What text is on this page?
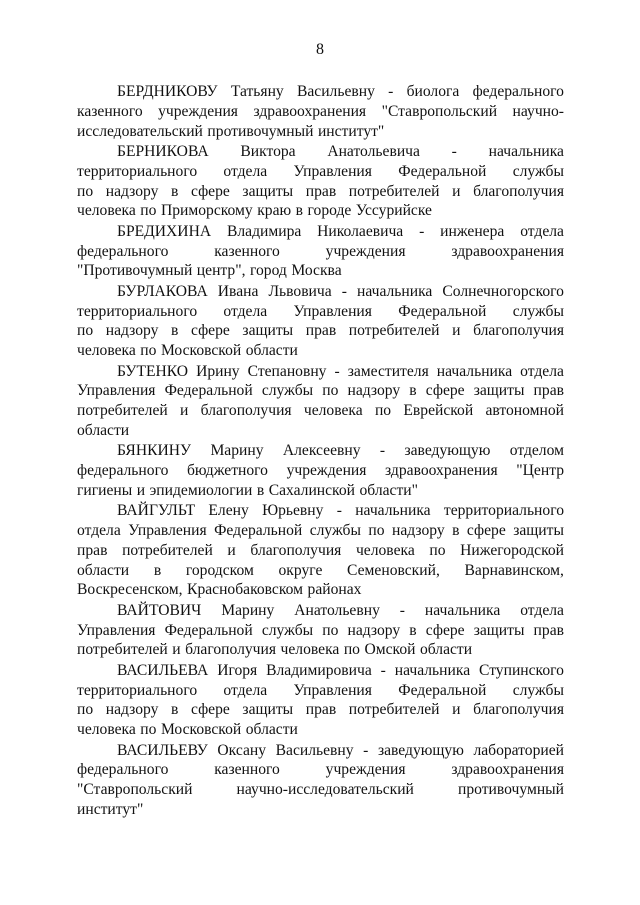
8
БЕРДНИКОВУ Татьяну Васильевну - биолога федерального
казенного учреждения здравоохранения "Ставропольский научно-
исследовательский противочумный институт"
БЕРНИКОВА Виктора Анатольевича - начальника
территориального отдела Управления Федеральной службы
по надзору в сфере защиты прав потребителей и благополучия
человека по Приморскому краю в городе Уссурийске
БРЕДИХИНА Владимира Николаевича - инженера отдела
федерального	казенного	учреждения	здравоохранения
"Противочумный центр", город Москва
БУРЛАКОВА Ивана Львовича - начальника Солнечногорского
территориального отдела Управления Федеральной службы
по надзору в сфере защиты прав потребителей и благополучия
человека по Московской области
БУТЕНКО Ирину Степановну - заместителя начальника отдела
Управления Федеральной службы по надзору в сфере защиты прав
потребителей и благополучия человека по Еврейской автономной
области
БЯНКИНУ Марину Алексеевну - заведующую отделом
федерального бюджетного учреждения здравоохранения "Центр
гигиены и эпидемиологии в Сахалинской области"
ВАЙГУЛЬТ Елену Юрьевну - начальника территориального
отдела Управления Федеральной службы по надзору в сфере защиты
прав потребителей и благополучия человека по Нижегородской
области в городском округе Семеновский, Варнавинском,
Воскресенском, Краснобаковском районах
ВАЙТОВИЧ Марину Анатольевну - начальника отдела
Управления Федеральной службы по надзору в сфере защиты прав
потребителей и благополучия человека по Омской области
ВАСИЛЬЕВА Игоря Владимировича - начальника Ступинского
территориального отдела Управления Федеральной службы
по надзору в сфере защиты прав потребителей и благополучия
человека по Московской области
ВАСИЛЬЕВУ Оксану Васильевну - заведующую лабораторией
федерального	казенного	учреждения	здравоохранения
"Ставропольский	научно-исследовательский	противочумный
институт"
